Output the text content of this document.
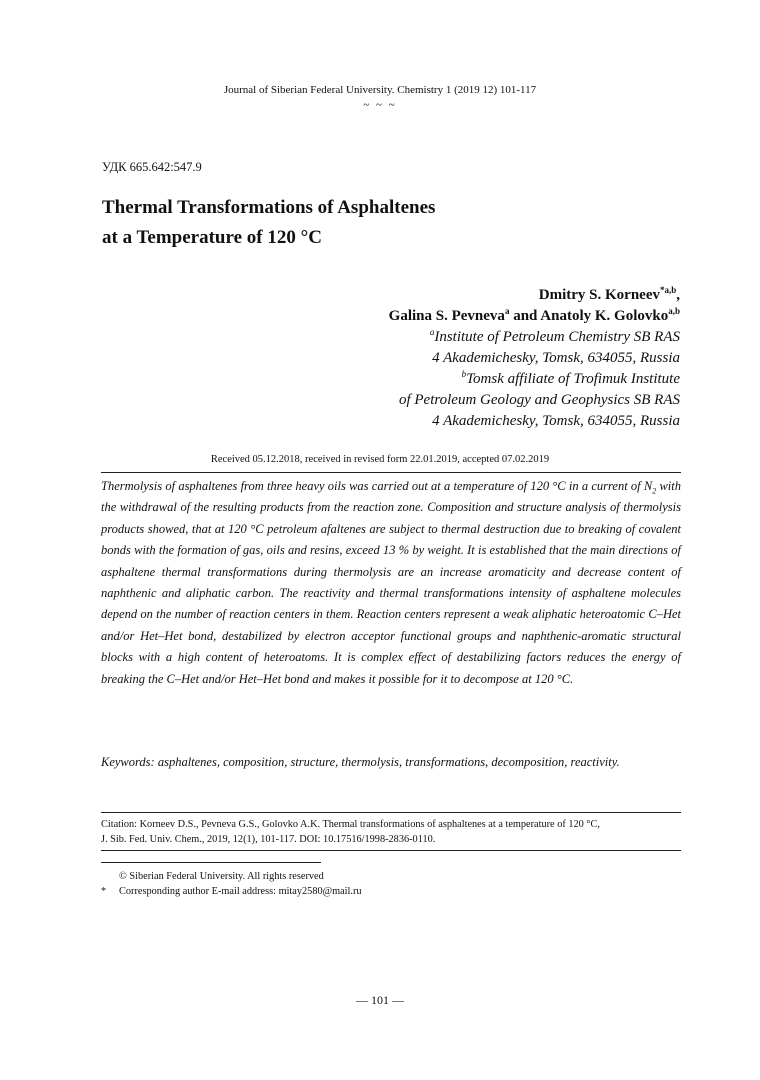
Journal of Siberian Federal University. Chemistry 1 (2019 12) 101-117
~ ~ ~
УДК 665.642:547.9
Thermal Transformations of Asphaltenes
at a Temperature of 120 °C
Dmitry S. Korneev$^{*a,b}$,
Galina S. Pevneva$^a$ and Anatoly K. Golovko$^{a,b}$
$^a$Institute of Petroleum Chemistry SB RAS
4 Akademichesky, Tomsk, 634055, Russia
$^b$Tomsk affiliate of Trofimuk Institute
of Petroleum Geology and Geophysics SB RAS
4 Akademichesky, Tomsk, 634055, Russia
Received 05.12.2018, received in revised form 22.01.2019, accepted 07.02.2019
Thermolysis of asphaltenes from three heavy oils was carried out at a temperature of 120 °C in a current of $N_2$ with the withdrawal of the resulting products from the reaction zone. Composition and structure analysis of thermolysis products showed, that at 120 °C petroleum afaltenes are subject to thermal destruction due to breaking of covalent bonds with the formation of gas, oils and resins, exceed 13 % by weight. It is established that the main directions of asphaltene thermal transformations during thermolysis are an increase aromaticity and decrease content of naphthenic and aliphatic carbon. The reactivity and thermal transformations intensity of asphaltene molecules depend on the number of reaction centers in them. Reaction centers represent a weak aliphatic heteroatomic C–Het and/or Het–Het bond, destabilized by electron acceptor functional groups and naphthenic-aromatic structural blocks with a high content of heteroatoms. It is complex effect of destabilizing factors reduces the energy of breaking the C–Het and/or Het–Het bond and makes it possible for it to decompose at 120 °C.
Keywords: asphaltenes, composition, structure, thermolysis, transformations, decomposition, reactivity.
Citation: Korneev D.S., Pevneva G.S., Golovko A.K. Thermal transformations of asphaltenes at a temperature of 120 °C,
J. Sib. Fed. Univ. Chem., 2019, 12(1), 101-117. DOI: 10.17516/1998-2836-0110.
© Siberian Federal University. All rights reserved
*	Corresponding author E-mail address: mitay2580@mail.ru
— 101 —
